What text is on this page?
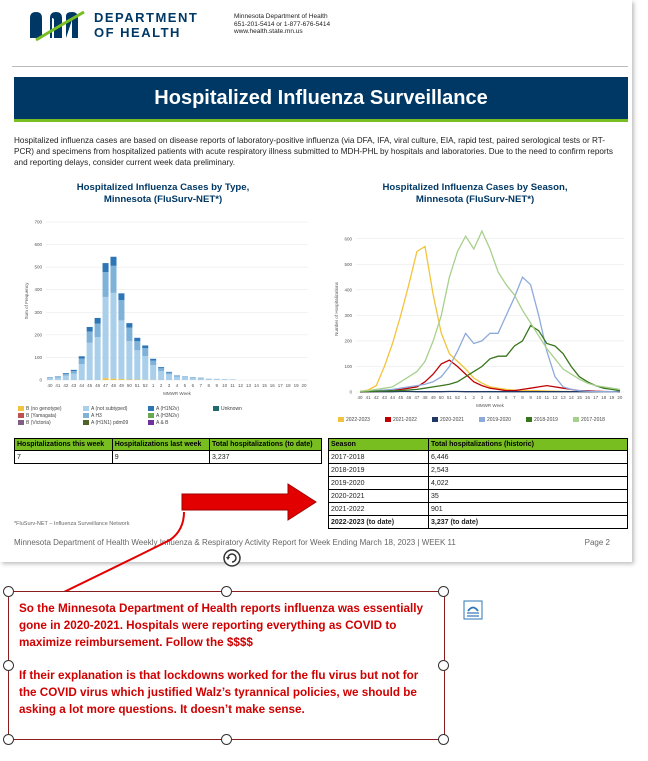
DEPARTMENT
OF HEALTH
Minnesota Department of Health
651-201-5414 or 1-877-676-5414
www.health.state.mn.us
Hospitalized Influenza Surveillance
Hospitalized influenza cases are based on disease reports of laboratory-positive influenza (via DFA, IFA, viral culture, EIA, rapid test, paired serological tests or RT-PCR) and specimens from hospitalized patients with acute respiratory illness submitted to MDH-PHL by hospitals and laboratories. Due to the need to confirm reports and reporting delays, consider current week data preliminary.
Hospitalized Influenza Cases by Type,
Minnesota (FluSurv-NET*)
0
100
200
300
400
500
600
700
40 41 42 43 44 45 46 47 48 49 50 51 52 1 2 3 4 5 6 7 8 9 10 11 12 13 14 15 16 17 18 19 20
MMWR Week
Sum of Frequency
B (no genotype)
B (Yamagata)
B (Victoria)
A (not subtyped)
A H3
A (H1N1) pdm09
A (H1N2v)
A (H3N2v)
A & B
Unknown
Hospitalized Influenza Cases by Season,
Minnesota (FluSurv-NET*)
0
100
200
300
400
500
600
40 41 42 43 44 45 46 47 48 49 50 51 52 1 2 3 4 5 6 7 8 9 10 11 12 13 14 15 16 17 18 19 20
MMWR Week
Number of Hospitalizations
2022-2023	2021-2022	2020-2021	2019-2020	2018-2019	2017-2018
Hospitalizations this week	Hospitalizations last week	Total hospitalizations (to date)
7	9	3,237
Season	Total hospitalizations (historic)
2017-2018	6,446
2018-2019	2,543
2019-2020	4,022
2020-2021	35
2021-2022	901
2022-2023 (to date)	3,237 (to date)
*FluSurv-NET – Influenza Surveillance Network
Minnesota Department of Health Weekly Influenza & Respiratory Activity Report for Week Ending March 18, 2023 | WEEK 11	Page 2
So the Minnesota Department of Health reports influenza was essentially gone in 2020-2021. Hospitals were reporting everything as COVID to maximize reimbursement. Follow the $$$$
If their explanation is that lockdowns worked for the flu virus but not for the COVID virus which justified Walz’s tyrannical policies, we should be asking a lot more questions. It doesn’t make sense.
